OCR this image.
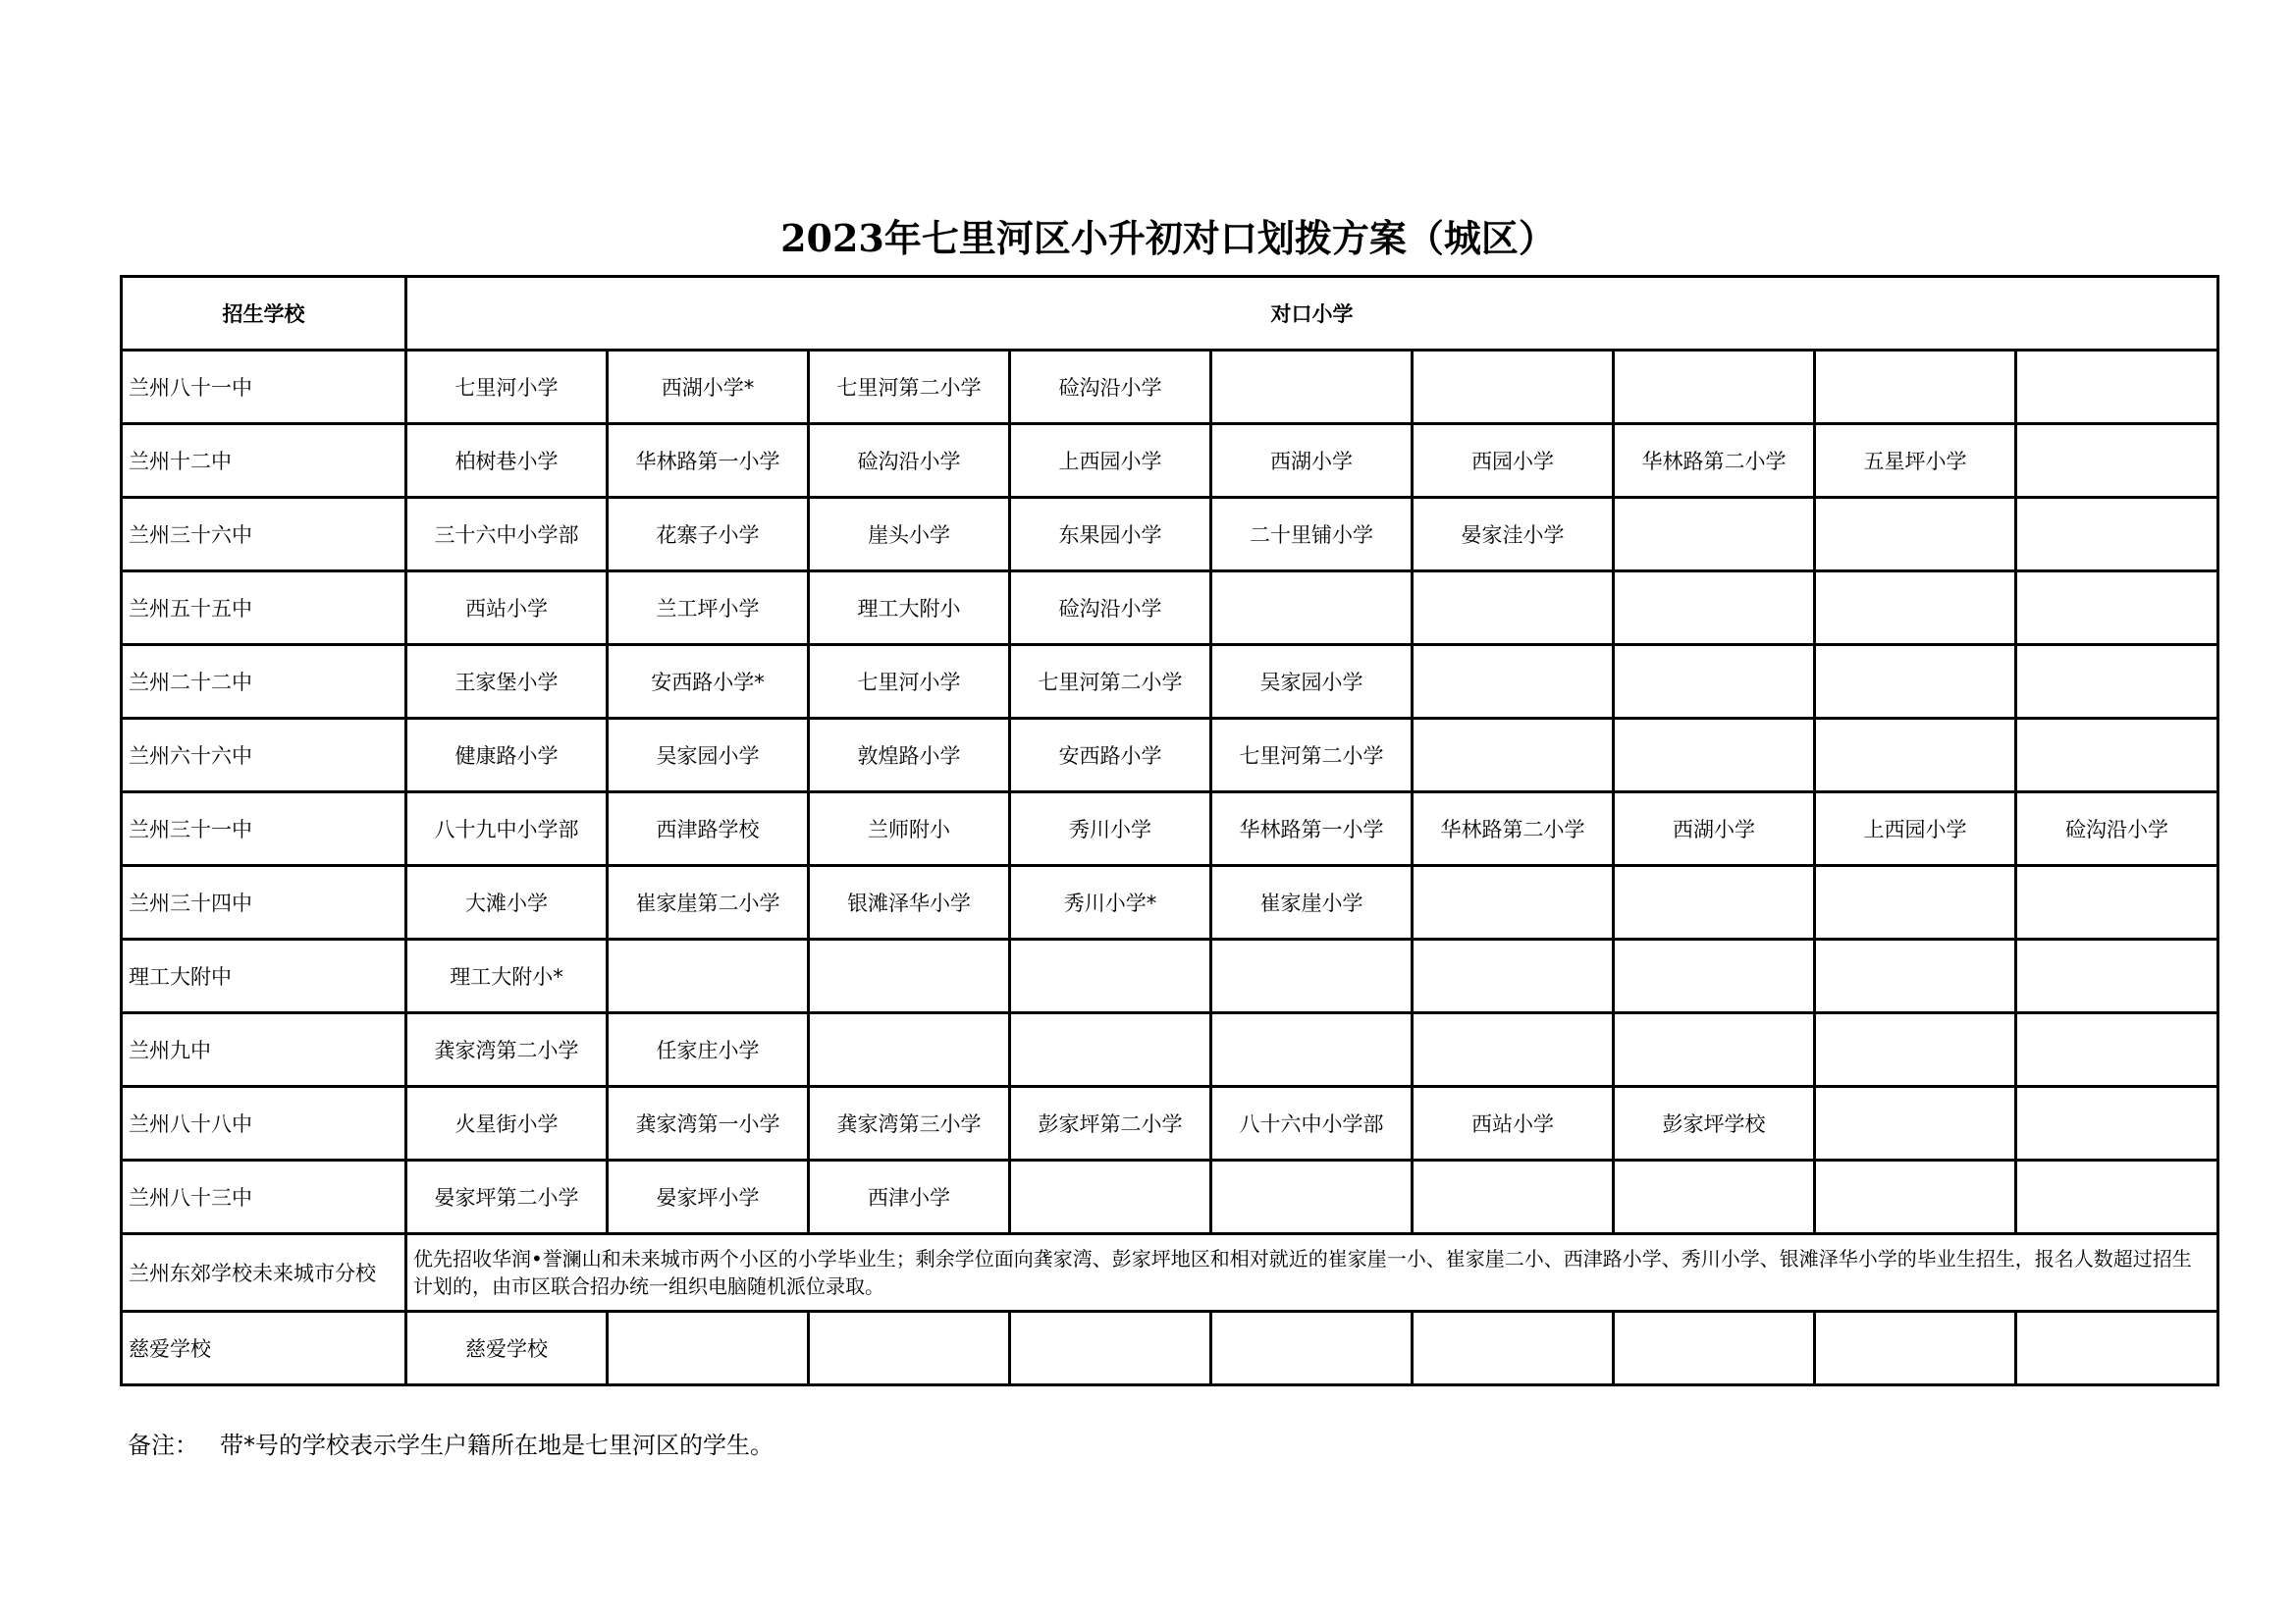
2023年七里河区小升初对口划拨方案（城区）
招生学校	对口小学								
兰州八十一中	七里河小学	西湖小学*	七里河第二小学	硷沟沿小学					
兰州十二中	柏树巷小学	华林路第一小学	硷沟沿小学	上西园小学	西湖小学	西园小学	华林路第二小学	五星坪小学	
兰州三十六中	三十六中小学部	花寨子小学	崖头小学	东果园小学	二十里铺小学	晏家洼小学			
兰州五十五中	西站小学	兰工坪小学	理工大附小	硷沟沿小学					
兰州二十二中	王家堡小学	安西路小学*	七里河小学	七里河第二小学	吴家园小学				
兰州六十六中	健康路小学	吴家园小学	敦煌路小学	安西路小学	七里河第二小学				
兰州三十一中	八十九中小学部	西津路学校	兰师附小	秀川小学	华林路第一小学	华林路第二小学	西湖小学	上西园小学	硷沟沿小学
兰州三十四中	大滩小学	崔家崖第二小学	银滩泽华小学	秀川小学*	崔家崖小学				
理工大附中	理工大附小*								
兰州九中	龚家湾第二小学	任家庄小学							
兰州八十八中	火星街小学	龚家湾第一小学	龚家湾第三小学	彭家坪第二小学	八十六中小学部	西站小学	彭家坪学校		
兰州八十三中	晏家坪第二小学	晏家坪小学	西津小学						
兰州东郊学校未来城市分校	优先招收华润•誉澜山和未来城市两个小区的小学毕业生；剩余学位面向龚家湾、彭家坪地区和相对就近的崔家崖一小、崔家崖二小、西津路小学、秀川小学、银滩泽华小学的毕业生招生，报名人数超过招生计划的，由市区联合招办统一组织电脑随机派位录取。								
慈爱学校	慈爱学校								

备注： 带*号的学校表示学生户籍所在地是七里河区的学生。
